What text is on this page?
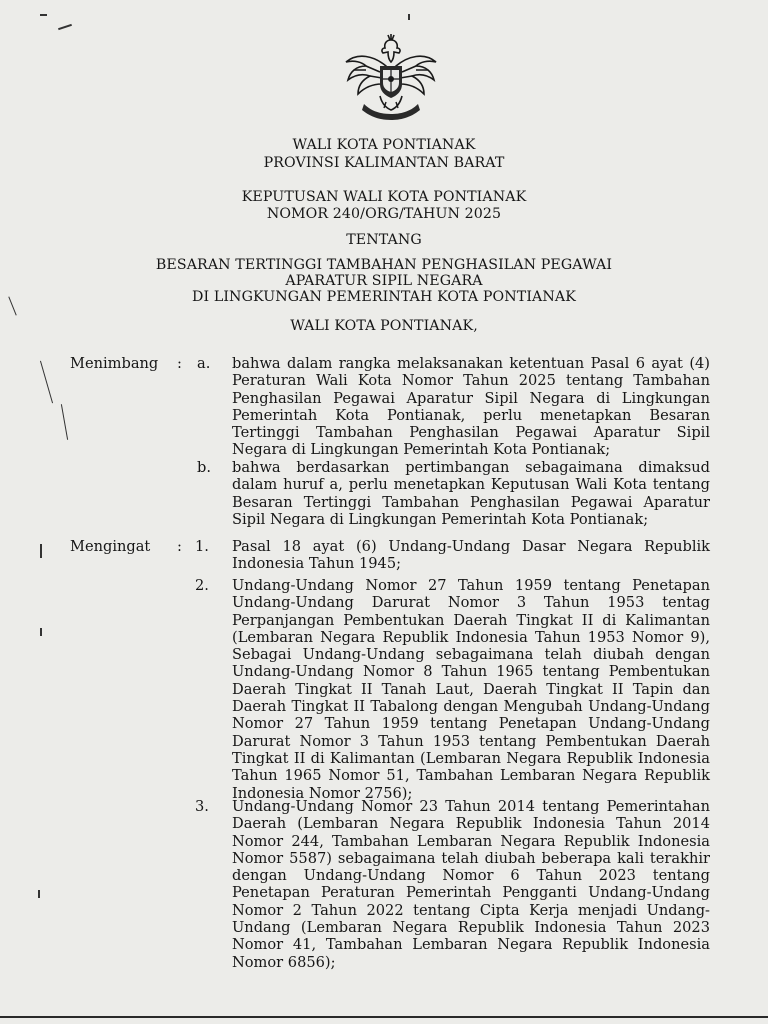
WALI KOTA PONTIANAK
PROVINSI KALIMANTAN BARAT
KEPUTUSAN WALI KOTA PONTIANAK
NOMOR 240/ORG/TAHUN 2025
TENTANG
BESARAN TERTINGGI TAMBAHAN PENGHASILAN PEGAWAI
APARATUR SIPIL NEGARA
DI LINGKUNGAN PEMERINTAH KOTA PONTIANAK
WALI KOTA PONTIANAK,
Menimbang : a. bahwa dalam rangka melaksanakan ketentuan Pasal 6 ayat (4) Peraturan Wali Kota Nomor Tahun 2025 tentang Tambahan Penghasilan Pegawai Aparatur Sipil Negara di Lingkungan Pemerintah Kota Pontianak, perlu menetapkan Besaran Tertinggi Tambahan Penghasilan Pegawai Aparatur Sipil Negara di Lingkungan Pemerintah Kota Pontianak;
b. bahwa berdasarkan pertimbangan sebagaimana dimaksud dalam huruf a, perlu menetapkan Keputusan Wali Kota tentang Besaran Tertinggi Tambahan Penghasilan Pegawai Aparatur Sipil Negara di Lingkungan Pemerintah Kota Pontianak;
Mengingat : 1. Pasal 18 ayat (6) Undang-Undang Dasar Negara Republik Indonesia Tahun 1945;
2. Undang-Undang Nomor 27 Tahun 1959 tentang Penetapan Undang-Undang Darurat Nomor 3 Tahun 1953 tentag Perpanjangan Pembentukan Daerah Tingkat II di Kalimantan (Lembaran Negara Republik Indonesia Tahun 1953 Nomor 9), Sebagai Undang-Undang sebagaimana telah diubah dengan Undang-Undang Nomor 8 Tahun 1965 tentang Pembentukan Daerah Tingkat II Tanah Laut, Daerah Tingkat II Tapin dan Daerah Tingkat II Tabalong dengan Mengubah Undang-Undang Nomor 27 Tahun 1959 tentang Penetapan Undang-Undang Darurat Nomor 3 Tahun 1953 tentang Pembentukan Daerah Tingkat II di Kalimantan (Lembaran Negara Republik Indonesia Tahun 1965 Nomor 51, Tambahan Lembaran Negara Republik Indonesia Nomor 2756);
3. Undang-Undang Nomor 23 Tahun 2014 tentang Pemerintahan Daerah (Lembaran Negara Republik Indonesia Tahun 2014 Nomor 244, Tambahan Lembaran Negara Republik Indonesia Nomor 5587) sebagaimana telah diubah beberapa kali terakhir dengan Undang-Undang Nomor 6 Tahun 2023 tentang Penetapan Peraturan Pemerintah Pengganti Undang-Undang Nomor 2 Tahun 2022 tentang Cipta Kerja menjadi Undang-Undang (Lembaran Negara Republik Indonesia Tahun 2023 Nomor 41, Tambahan Lembaran Negara Republik Indonesia Nomor 6856);
